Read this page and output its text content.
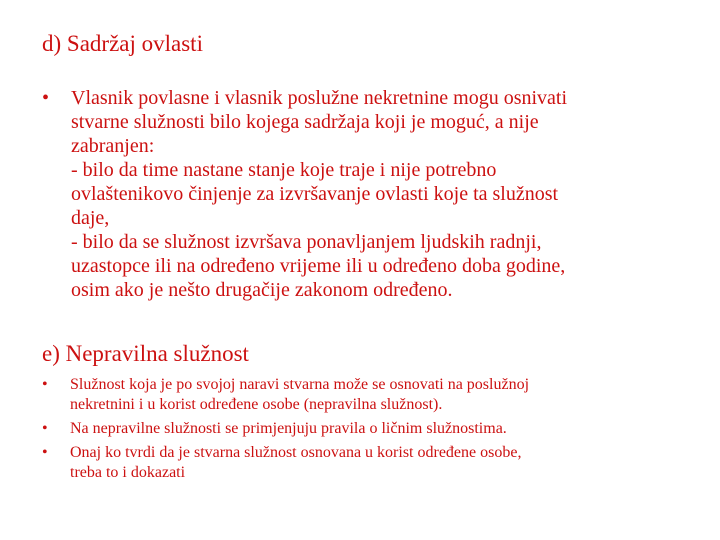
d) Sadržaj ovlasti
• Vlasnik povlasne i vlasnik poslužne nekretnine mogu osnivati
stvarne služnosti bilo kojega sadržaja koji je moguć, a nije
zabranjen:
- bilo da time nastane stanje koje traje i nije potrebno
ovlaštenikovo činjenje za izvršavanje ovlasti koje ta služnost
daje,
- bilo da se služnost izvršava ponavljanjem ljudskih radnji,
uzastopce ili na određeno vrijeme ili u određeno doba godine,
osim ako je nešto drugačije zakonom određeno.
e) Nepravilna služnost
• Služnost koja je po svojoj naravi stvarna može se osnovati na poslužnoj
nekretnini i u korist određene osobe (nepravilna služnost).
• Na nepravilne služnosti se primjenjuju pravila o ličnim služnostima.
• Onaj ko tvrdi da je stvarna služnost osnovana u korist određene osobe,
treba to i dokazati
